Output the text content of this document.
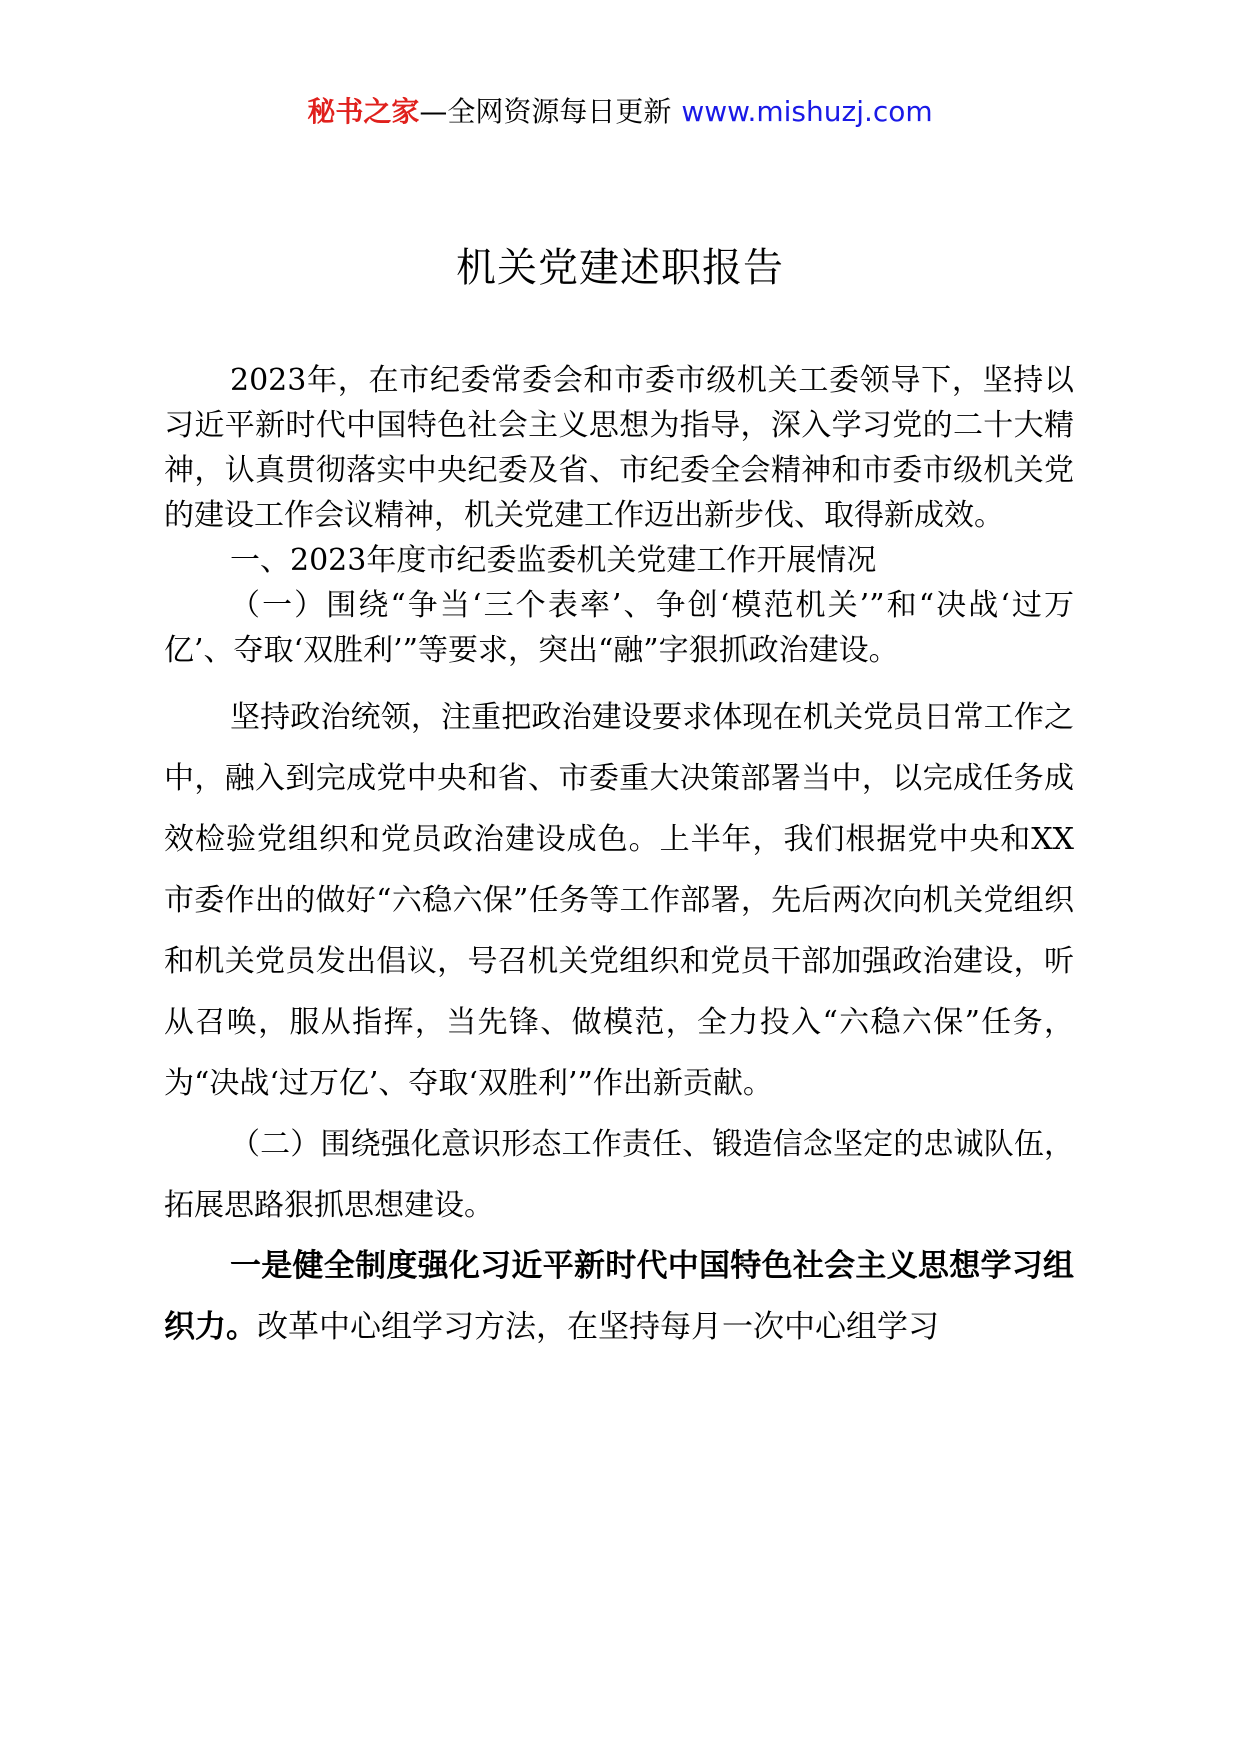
秘书之家—全网资源每日更新 www.mishuzj.com
机关党建述职报告

2023年，在市纪委常委会和市委市级机关工委领导下，坚持以习近平新时代中国特色社会主义思想为指导，深入学习党的二十大精神，认真贯彻落实中央纪委及省、市纪委全会精神和市委市级机关党的建设工作会议精神，机关党建工作迈出新步伐、取得新成效。

一、2023年度市纪委监委机关党建工作开展情况

（一）围绕“争当‘三个表率’、争创‘模范机关’”和“决战‘过万亿’、夺取‘双胜利’”等要求，突出“融”字狠抓政治建设。

坚持政治统领，注重把政治建设要求体现在机关党员日常工作之中，融入到完成党中央和省、市委重大决策部署当中，以完成任务成效检验党组织和党员政治建设成色。上半年，我们根据党中央和XX市委作出的做好“六稳六保”任务等工作部署，先后两次向机关党组织和机关党员发出倡议，号召机关党组织和党员干部加强政治建设，听从召唤，服从指挥，当先锋、做模范，全力投入“六稳六保”任务，为“决战‘过万亿’、夺取‘双胜利’”作出新贡献。

（二）围绕强化意识形态工作责任、锻造信念坚定的忠诚队伍，拓展思路狠抓思想建设。

一是健全制度强化习近平新时代中国特色社会主义思想学习组织力。改革中心组学习方法，在坚持每月一次中心组学习
